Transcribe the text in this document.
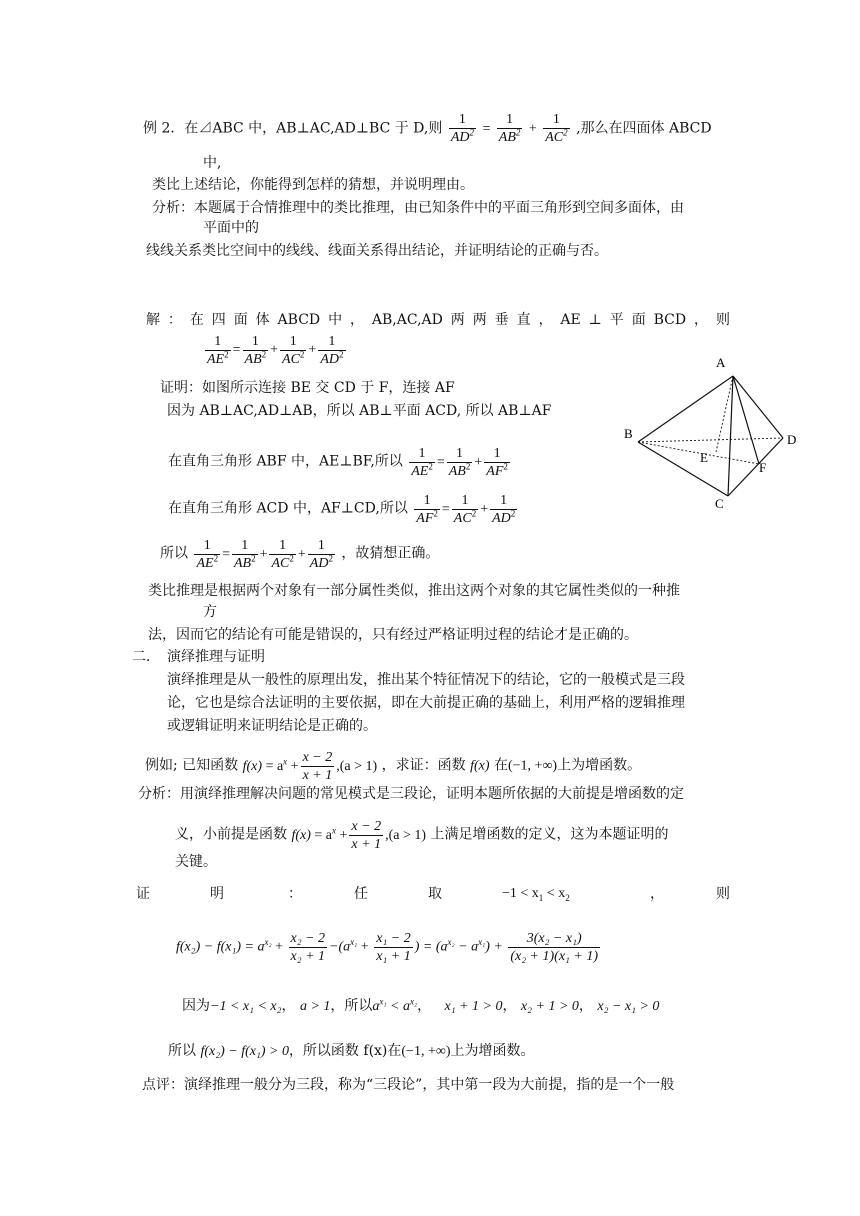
例 2．在⊿ABC 中，AB⊥AC,AD⊥BC 于 D,则 $\frac{1}{AD^2} = \frac{1}{AB^2} + \frac{1}{AC^2}$ ,那么在四面体 ABCD
中,
类比上述结论，你能得到怎样的猜想，并说明理由。
分析：本题属于合情推理中的类比推理，由已知条件中的平面三角形到空间多面体，由
平面中的
线线关系类比空间中的线线、线面关系得出结论，并证明结论的正确与否。
解 ： 在 四 面 体 ABCD 中 ， AB,AC,AD 两 两 垂 直 ， AE ⊥ 平 面 BCD ， 则
$\frac{1}{AE^2} = \frac{1}{AB^2} + \frac{1}{AC^2} + \frac{1}{AD^2}$
证明：如图所示连接 BE 交 CD 于 F，连接 AF
因为 AB⊥AC,AD⊥AB，所以 AB⊥平面 ACD, 所以 AB⊥AF
在直角三角形 ABF 中，AE⊥BF,所以 $\frac{1}{AE^2} = \frac{1}{AB^2} + \frac{1}{AF^2}$
在直角三角形 ACD 中，AF⊥CD,所以 $\frac{1}{AF^2} = \frac{1}{AC^2} + \frac{1}{AD^2}$
所以 $\frac{1}{AE^2} = \frac{1}{AB^2} + \frac{1}{AC^2} + \frac{1}{AD^2}$ ，故猜想正确。
A
B
C
D
E
F
类比推理是根据两个对象有一部分属性类似，推出这两个对象的其它属性类似的一种推
方
法，因而它的结论有可能是错误的，只有经过严格证明过程的结论才是正确的。
二．　演绎推理与证明
演绎推理是从一般性的原理出发，推出某个特征情况下的结论，它的一般模式是三段
论，它也是综合法证明的主要依据，即在大前提正确的基础上，利用严格的逻辑推理
或逻辑证明来证明结论是正确的。
例如; 已知函数 $f(x) = a^x + \frac{x - 2}{x + 1} ,(a > 1)$ ，求证：函数 f(x) 在(−1, +∞)上为增函数。
分析：用演绎推理解决问题的常见模式是三段论，证明本题所依据的大前提是增函数的定
义，小前提是函数 $f(x) = a^x + \frac{x - 2}{x + 1} ,(a > 1)$ 上满足增函数的定义，这为本题证明的
关键。
证	明	：	任	取	$-1 < x_1 < x_2$	，	则
$f(x_2) - f(x_1) = a^{x_2} + \frac{\text{x₂ − 2}}{\text{x₂ + 1}} -(a^{x_1} + \frac{\text{x₁ − 2}}{\text{x₁ + 1}}$ ) = $(a^{x_2} - a^{x_1}) + \frac{\text{3(x₂ − x₁)}}{\text{(x₂ + 1)(x₁ + 1)}}$
因为−1 < x₁ < x₂， a > 1，所以$a^{x_1} < a^{x_2}$，   x₁ + 1 > 0， x₂ + 1 > 0， x₂ − x₁ > 0
所以 f(x₂) − f(x₁) > 0，所以函数 f(x)在(−1, +∞)上为增函数。
点评：演绎推理一般分为三段，称为“三段论”，其中第一段为大前提，指的是一个一般
